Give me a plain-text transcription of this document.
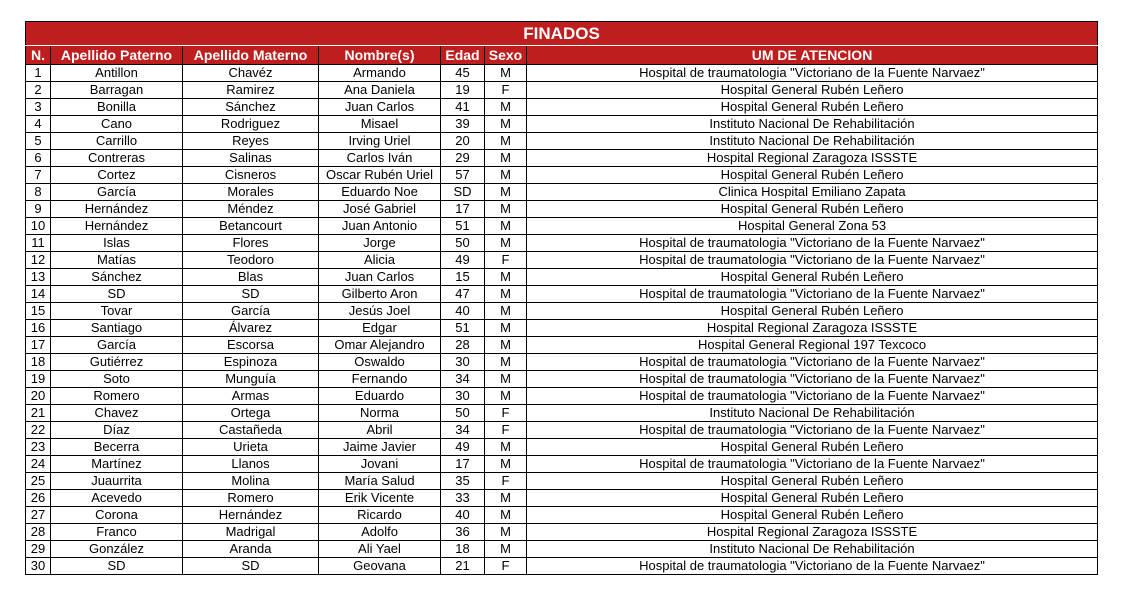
FINADOS						
N.	Apellido Paterno	Apellido Materno	Nombre(s)	Edad	Sexo	UM DE ATENCION
1	Antillon	Chavéz	Armando	45	M	Hospital de traumatologia "Victoriano de la Fuente Narvaez"
2	Barragan	Ramirez	Ana Daniela	19	F	Hospital General Rubén Leñero
3	Bonilla	Sánchez	Juan Carlos	41	M	Hospital General Rubén Leñero
4	Cano	Rodriguez	Misael	39	M	Instituto Nacional De Rehabilitación
5	Carrillo	Reyes	Irving Uriel	20	M	Instituto Nacional De Rehabilitación
6	Contreras	Salinas	Carlos Iván	29	M	Hospital Regional Zaragoza ISSSTE
7	Cortez	Cisneros	Oscar Rubén Uriel	57	M	Hospital General Rubén Leñero
8	García	Morales	Eduardo Noe	SD	M	Clinica Hospital Emiliano Zapata
9	Hernández	Méndez	José Gabriel	17	M	Hospital General Rubén Leñero
10	Hernández	Betancourt	Juan Antonio	51	M	Hospital General Zona 53
11	Islas	Flores	Jorge	50	M	Hospital de traumatologia "Victoriano de la Fuente Narvaez"
12	Matías	Teodoro	Alicia	49	F	Hospital de traumatologia "Victoriano de la Fuente Narvaez"
13	Sánchez	Blas	Juan Carlos	15	M	Hospital General Rubén Leñero
14	SD	SD	Gilberto Aron	47	M	Hospital de traumatologia "Victoriano de la Fuente Narvaez"
15	Tovar	García	Jesús Joel	40	M	Hospital General Rubén Leñero
16	Santiago	Álvarez	Edgar	51	M	Hospital Regional Zaragoza ISSSTE
17	García	Escorsa	Omar Alejandro	28	M	Hospital General Regional 197 Texcoco
18	Gutiérrez	Espinoza	Oswaldo	30	M	Hospital de traumatologia "Victoriano de la Fuente Narvaez"
19	Soto	Munguía	Fernando	34	M	Hospital de traumatologia "Victoriano de la Fuente Narvaez"
20	Romero	Armas	Eduardo	30	M	Hospital de traumatologia "Victoriano de la Fuente Narvaez"
21	Chavez	Ortega	Norma	50	F	Instituto Nacional De Rehabilitación
22	Díaz	Castañeda	Abril	34	F	Hospital de traumatologia "Victoriano de la Fuente Narvaez"
23	Becerra	Urieta	Jaime Javier	49	M	Hospital General Rubén Leñero
24	Martínez	Llanos	Jovani	17	M	Hospital de traumatologia "Victoriano de la Fuente Narvaez"
25	Juaurrita	Molina	María Salud	35	F	Hospital General Rubén Leñero
26	Acevedo	Romero	Erik Vicente	33	M	Hospital General Rubén Leñero
27	Corona	Hernández	Ricardo	40	M	Hospital General Rubén Leñero
28	Franco	Madrigal	Adolfo	36	M	Hospital Regional Zaragoza ISSSTE
29	González	Aranda	Ali Yael	18	M	Instituto Nacional De Rehabilitación
30	SD	SD	Geovana	21	F	Hospital de traumatologia "Victoriano de la Fuente Narvaez"
